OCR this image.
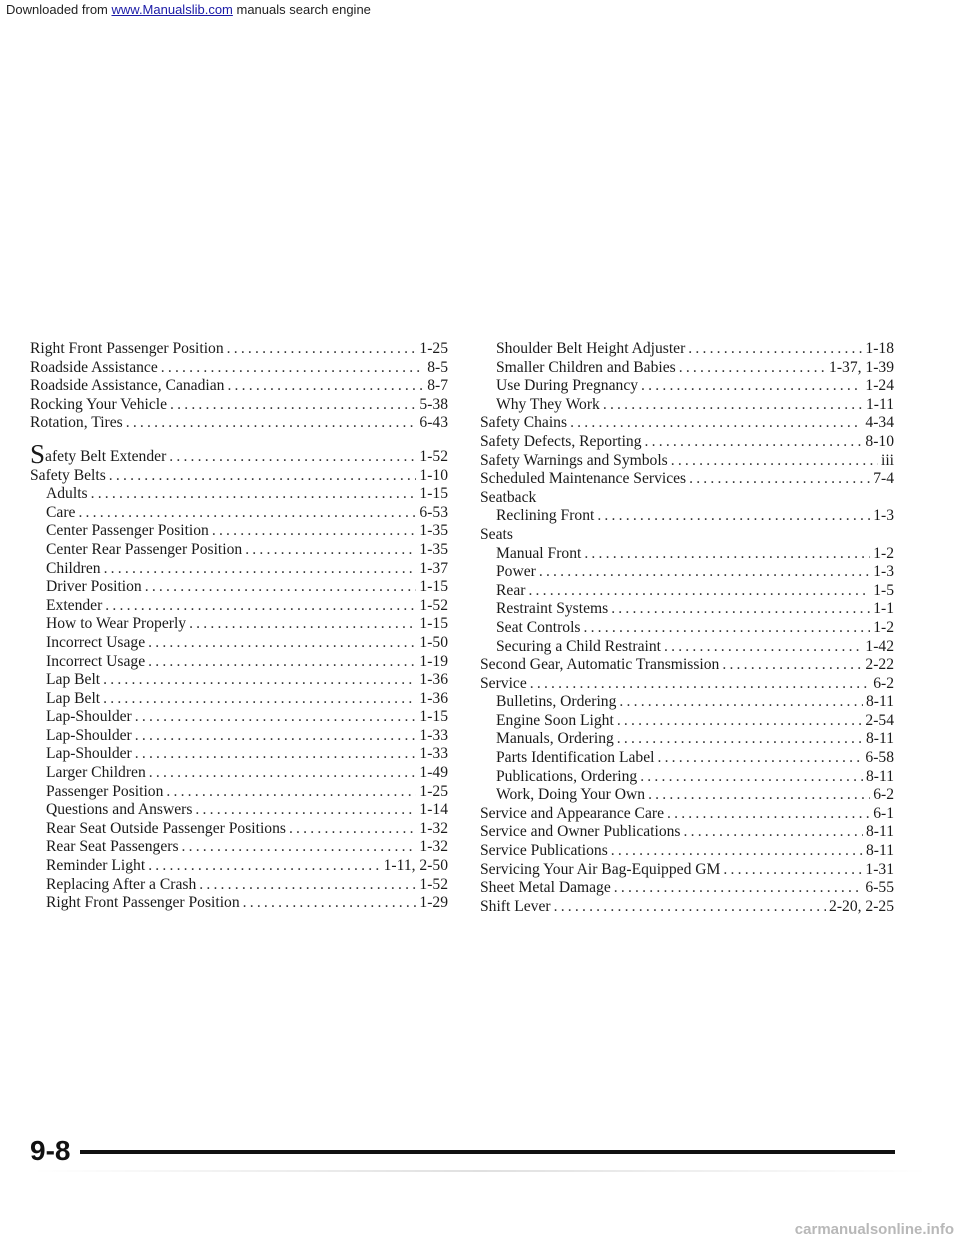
Downloaded from www.Manualslib.com manuals search engine
Right Front Passenger Position .....	1-25
Roadside Assistance .....	8-5
Roadside Assistance, Canadian .....	8-7
Rocking Your Vehicle .....	5-38
Rotation, Tires .....	6-43
Safety Belt Extender .....	1-52
Safety Belts .....	1-10
Adults .....	1-15
Care .....	6-53
Center Passenger Position .....	1-35
Center Rear Passenger Position .....	1-35
Children .....	1-37
Driver Position .....	1-15
Extender .....	1-52
How to Wear Properly .....	1-15
Incorrect Usage .....	1-50
Incorrect Usage .....	1-19
Lap Belt .....	1-36
Lap Belt .....	1-36
Lap-Shoulder .....	1-15
Lap-Shoulder .....	1-33
Lap-Shoulder .....	1-33
Larger Children .....	1-49
Passenger Position .....	1-25
Questions and Answers .....	1-14
Rear Seat Outside Passenger Positions .....	1-32
Rear Seat Passengers .....	1-32
Reminder Light .....	1-11, 2-50
Replacing After a Crash .....	1-52
Right Front Passenger Position .....	1-29
Shoulder Belt Height Adjuster .....	1-18
Smaller Children and Babies .....	1-37, 1-39
Use During Pregnancy .....	1-24
Why They Work .....	1-11
Safety Chains .....	4-34
Safety Defects, Reporting .....	8-10
Safety Warnings and Symbols .....	iii
Scheduled Maintenance Services .....	7-4
Seatback
Reclining Front .....	1-3
Seats
Manual Front .....	1-2
Power .....	1-3
Rear .....	1-5
Restraint Systems .....	1-1
Seat Controls .....	1-2
Securing a Child Restraint .....	1-42
Second Gear, Automatic Transmission .....	2-22
Service .....	6-2
Bulletins, Ordering .....	8-11
Engine Soon Light .....	2-54
Manuals, Ordering .....	8-11
Parts Identification Label .....	6-58
Publications, Ordering .....	8-11
Work, Doing Your Own .....	6-2
Service and Appearance Care .....	6-1
Service and Owner Publications .....	8-11
Service Publications .....	8-11
Servicing Your Air Bag-Equipped GM .....	1-31
Sheet Metal Damage .....	6-55
Shift Lever .....	2-20, 2-25
9-8
carmanualsonline.info
